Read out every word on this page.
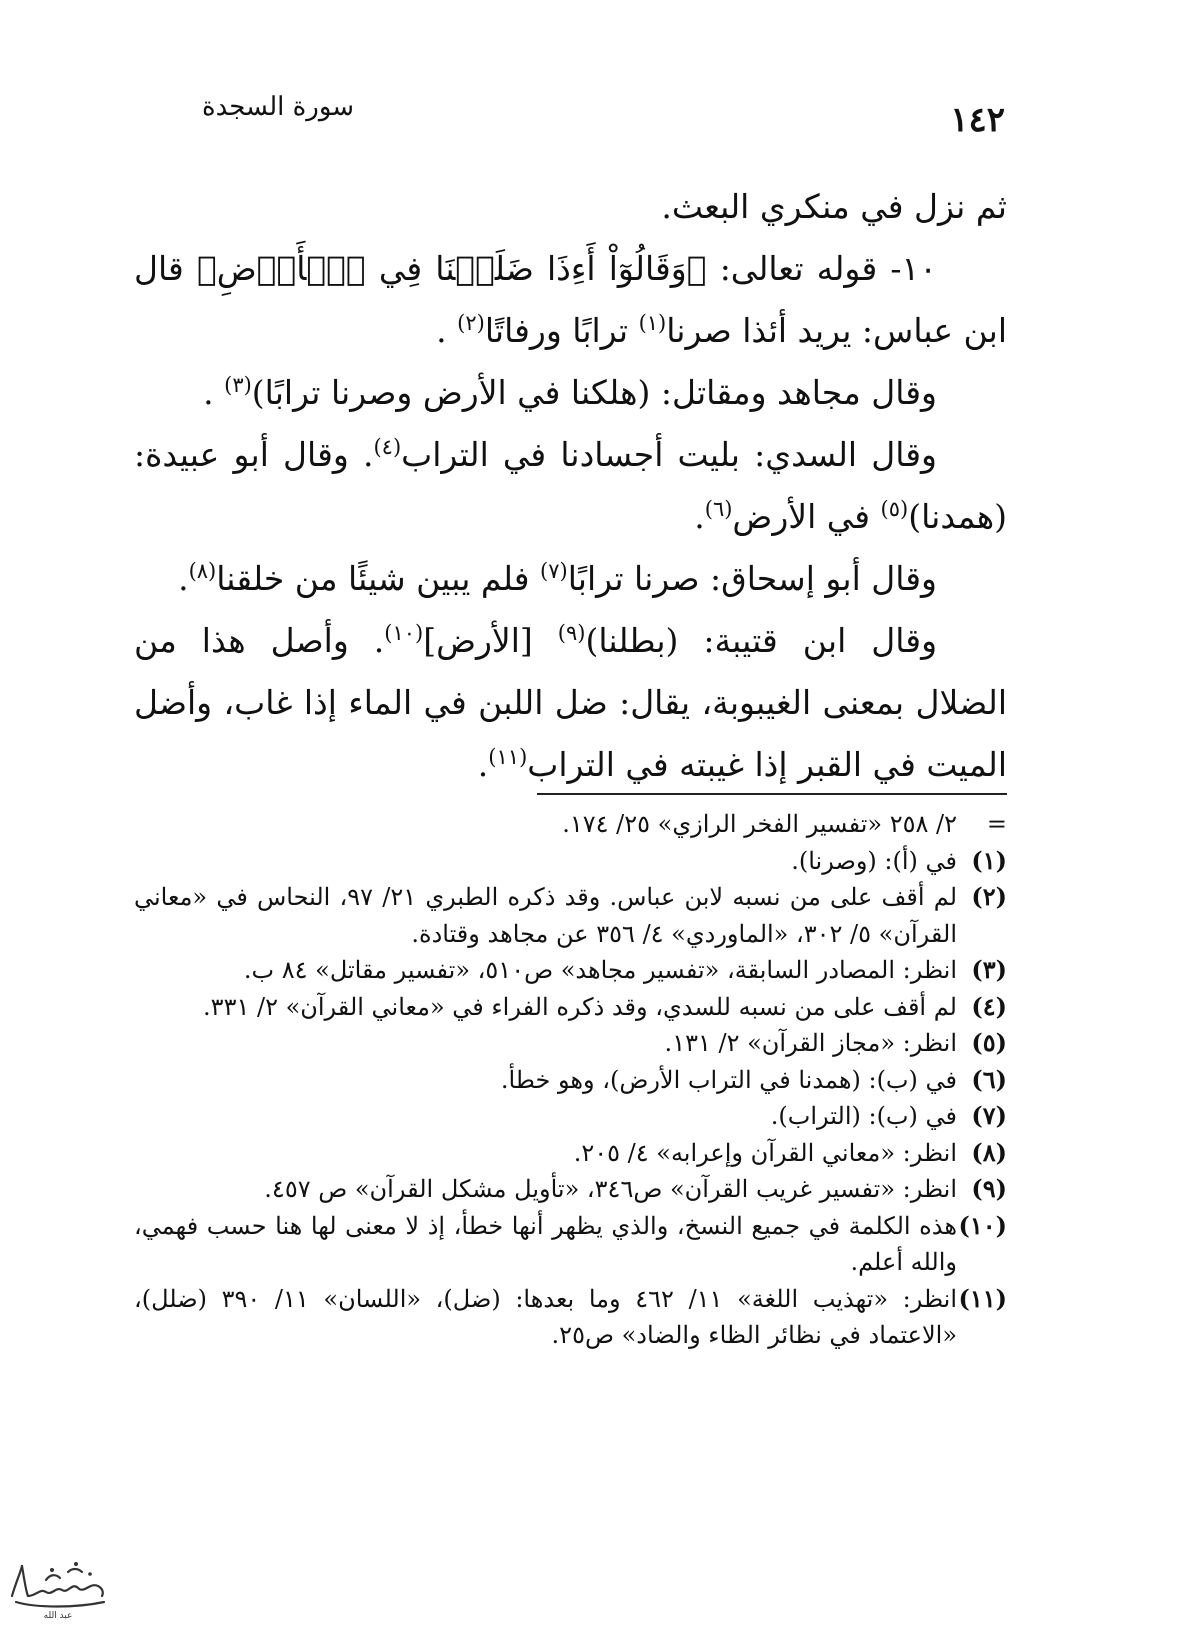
١٤٢
سورة السجدة

ثم نزل في منكري البعث.

١٠- قوله تعالى: ﴿وَقَالُوٓاْ أَءِذَا ضَلَلۡنَا فِي ٱلۡأَرۡضِ﴾ قال ابن عباس: يريد أئذا صرنا$^{(١)}$ ترابًا ورفاتًا$^{(٢)}$ .

وقال مجاهد ومقاتل: (هلكنا في الأرض وصرنا ترابًا)$^{(٣)}$ .

وقال السدي: بليت أجسادنا في التراب$^{(٤)}$. وقال أبو عبيدة: (همدنا)$^{(٥)}$ في الأرض$^{(٦)}$.

وقال أبو إسحاق: صرنا ترابًا$^{(٧)}$ فلم يبين شيئًا من خلقنا$^{(٨)}$.

وقال ابن قتيبة: (بطلنا)$^{(٩)}$ [الأرض]$^{(١٠)}$. وأصل هذا من الضلال بمعنى الغيبوبة، يقال: ضل اللبن في الماء إذا غاب، وأضل الميت في القبر إذا غيبته في التراب$^{(١١)}$.

=
٢/ ٢٥٨ «تفسير الفخر الرازي» ٢٥/ ١٧٤.
(١)
في (أ): (وصرنا).
(٢)
لم أقف على من نسبه لابن عباس. وقد ذكره الطبري ٢١/ ٩٧، النحاس في «معاني القرآن» ٥/ ٣٠٢، «الماوردي» ٤/ ٣٥٦ عن مجاهد وقتادة.
(٣)
انظر: المصادر السابقة، «تفسير مجاهد» ص٥١٠، «تفسير مقاتل» ٨٤ ب.
(٤)
لم أقف على من نسبه للسدي، وقد ذكره الفراء في «معاني القرآن» ٢/ ٣٣١.
(٥)
انظر: «مجاز القرآن» ٢/ ١٣١.
(٦)
في (ب): (همدنا في التراب الأرض)، وهو خطأ.
(٧)
في (ب): (التراب).
(٨)
انظر: «معاني القرآن وإعرابه» ٤/ ٢٠٥.
(٩)
انظر: «تفسير غريب القرآن» ص٣٤٦، «تأويل مشكل القرآن» ص ٤٥٧.
(١٠)
هذه الكلمة في جميع النسخ، والذي يظهر أنها خطأ، إذ لا معنى لها هنا حسب فهمي، والله أعلم.
(١١)
انظر: «تهذيب اللغة» ١١/ ٤٦٢ وما بعدها: (ضل)، «اللسان» ١١/ ٣٩٠ (ضلل)، «الاعتماد في نظائر الظاء والضاد» ص٢٥.
عبد الله
